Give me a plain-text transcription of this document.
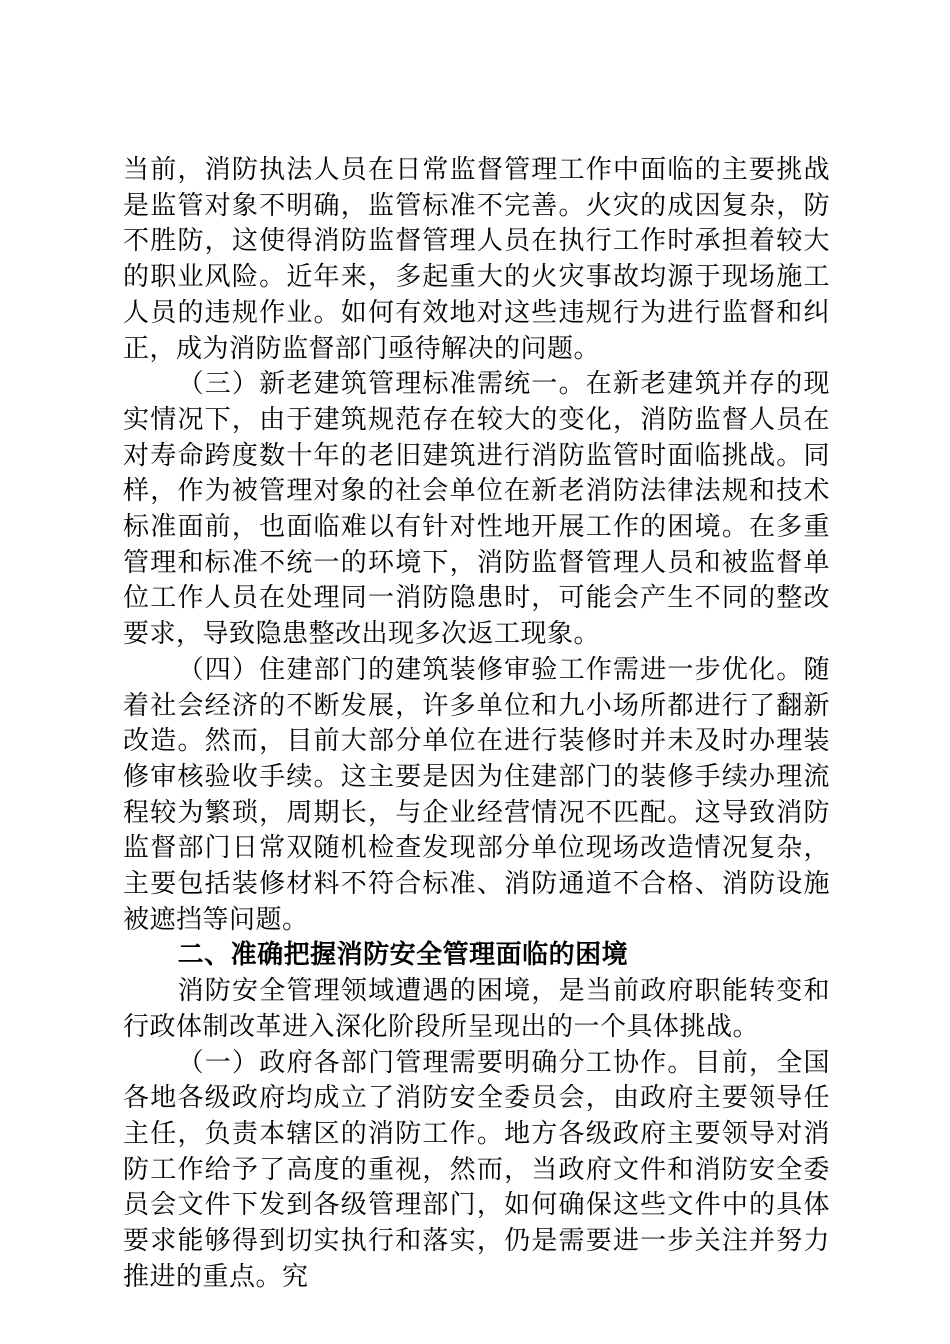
当前，消防执法人员在日常监督管理工作中面临的主要挑战是监管对象不明确，监管标准不完善。火灾的成因复杂，防不胜防，这使得消防监督管理人员在执行工作时承担着较大的职业风险。近年来，多起重大的火灾事故均源于现场施工人员的违规作业。如何有效地对这些违规行为进行监督和纠正，成为消防监督部门亟待解决的问题。

（三）新老建筑管理标准需统一。在新老建筑并存的现实情况下，由于建筑规范存在较大的变化，消防监督人员在对寿命跨度数十年的老旧建筑进行消防监管时面临挑战。同样，作为被管理对象的社会单位在新老消防法律法规和技术标准面前，也面临难以有针对性地开展工作的困境。在多重管理和标准不统一的环境下，消防监督管理人员和被监督单位工作人员在处理同一消防隐患时，可能会产生不同的整改要求，导致隐患整改出现多次返工现象。

（四）住建部门的建筑装修审验工作需进一步优化。随着社会经济的不断发展，许多单位和九小场所都进行了翻新改造。然而，目前大部分单位在进行装修时并未及时办理装修审核验收手续。这主要是因为住建部门的装修手续办理流程较为繁琐，周期长，与企业经营情况不匹配。这导致消防监督部门日常双随机检查发现部分单位现场改造情况复杂，主要包括装修材料不符合标准、消防通道不合格、消防设施被遮挡等问题。

二、准确把握消防安全管理面临的困境

消防安全管理领域遭遇的困境，是当前政府职能转变和行政体制改革进入深化阶段所呈现出的一个具体挑战。

（一）政府各部门管理需要明确分工协作。目前，全国各地各级政府均成立了消防安全委员会，由政府主要领导任主任，负责本辖区的消防工作。地方各级政府主要领导对消防工作给予了高度的重视，然而，当政府文件和消防安全委员会文件下发到各级管理部门，如何确保这些文件中的具体要求能够得到切实执行和落实，仍是需要进一步关注并努力推进的重点。究
